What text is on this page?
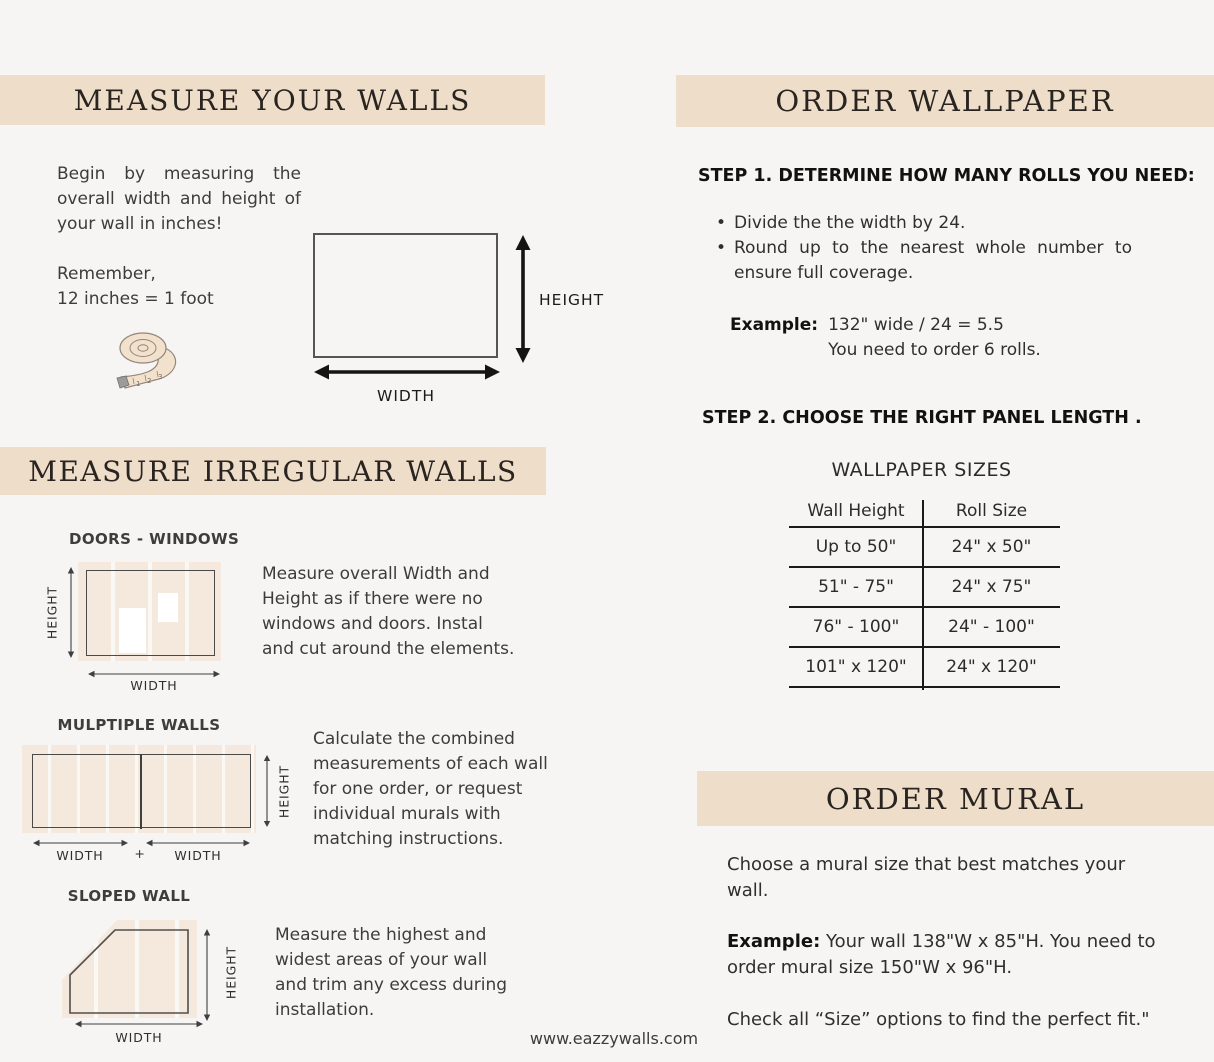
MEASURE YOUR WALLS
Begin by measuring the overall width and height of your wall in inches!
Remember,
12 inches = 1 foot
1 2 3
HEIGHT
WIDTH
MEASURE IRREGULAR WALLS
DOORS - WINDOWS
HEIGHT
WIDTH
Measure overall Width and Height as if there were no windows and doors. Instal and cut around the elements.
MULPTIPLE WALLS
HEIGHT
WIDTH	+	WIDTH
Calculate the combined measurements of each wall for one order, or request individual murals with matching instructions.
SLOPED WALL
HEIGHT
WIDTH
Measure the highest and widest areas of your wall and trim any excess during installation.
ORDER WALLPAPER
STEP 1. DETERMINE HOW MANY ROLLS YOU NEED:
• Divide the the width by 24.
• Round up to the nearest whole number to ensure full coverage.
Example: 132" wide / 24 = 5.5
You need to order 6 rolls.
STEP 2. CHOOSE THE RIGHT PANEL LENGTH .
WALLPAPER SIZES
Wall Height	Roll Size
Up to 50"	24" x 50"
51" - 75"	24" x 75"
76" - 100"	24" - 100"
101" x 120"	24" x 120"
ORDER MURAL
Choose a mural size that best matches your wall.
Example: Your wall 138"W x 85"H. You need to order mural size 150"W x 96"H.
Check all “Size” options to find the perfect fit."
www.eazzywalls.com
